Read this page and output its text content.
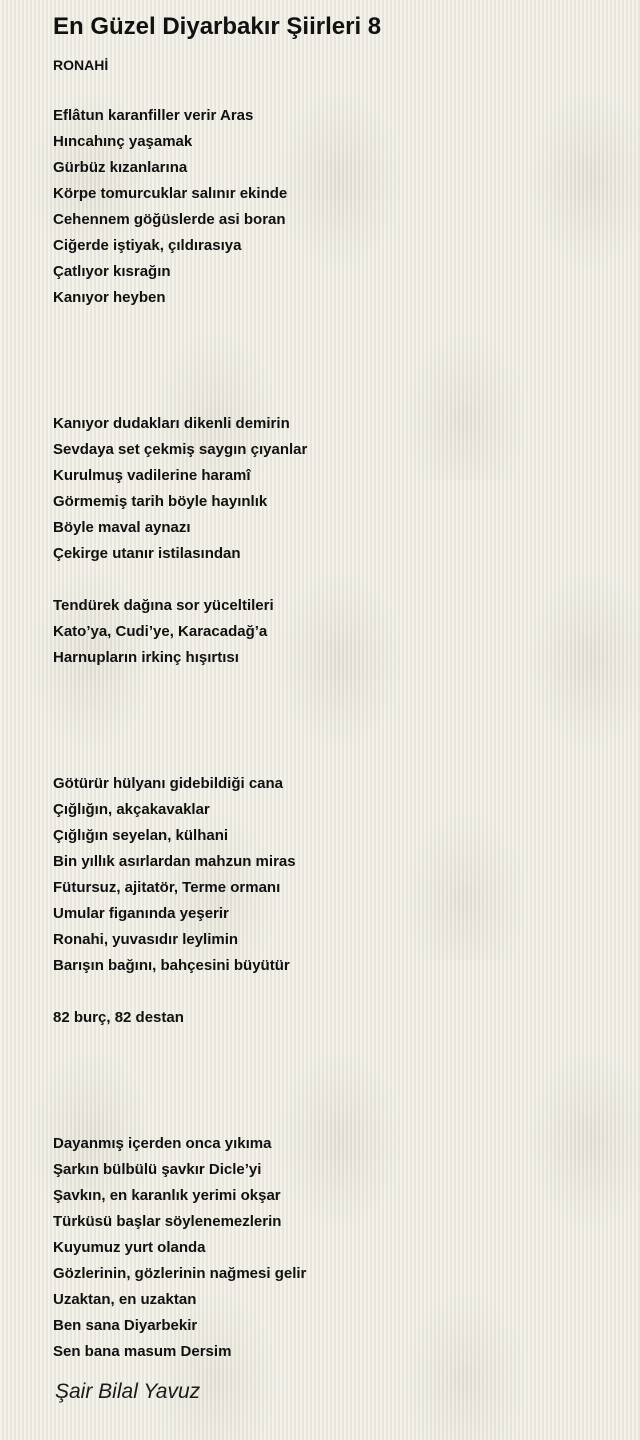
En Güzel Diyarbakır Şiirleri 8
RONAHİ
Eflâtun karanfiller verir Aras
Hıncahınç yaşamak
Gürbüz kızanlarına
Körpe tomurcuklar salınır ekinde
Cehennem göğüslerde asi boran
Ciğerde iştiyak, çıldırasıya
Çatlıyor kısrağın
Kanıyor heyben
Kanıyor dudakları dikenli demirin
Sevdaya set çekmiş saygın çıyanlar
Kurulmuş vadilerine haramî
Görmemiş tarih böyle hayınlık
Böyle maval aynazı
Çekirge utanır istilasından
Tendürek dağına sor yüceltileri
Kato’ya, Cudi’ye, Karacadağ’a
Harnupların irkinç hışırtısı
Götürür hülyanı gidebildiği cana
Çığlığın, akçakavaklar
Çığlığın seyelan, külhani
Bin yıllık asırlardan mahzun miras
Fütursuz, ajitatör, Terme ormanı
Umular figanında yeşerir
Ronahi, yuvasıdır leylimin
Barışın bağını, bahçesini büyütür
82 burç, 82 destan
Dayanmış içerden onca yıkıma
Şarkın bülbülü şavkır Dicle’yi
Şavkın, en karanlık yerimi okşar
Türküsü başlar söylenemezlerin
Kuyumuz yurt olanda
Gözlerinin, gözlerinin nağmesi gelir
Uzaktan, en uzaktan
Ben sana Diyarbekir
Sen bana masum Dersim
Şair Bilal Yavuz
